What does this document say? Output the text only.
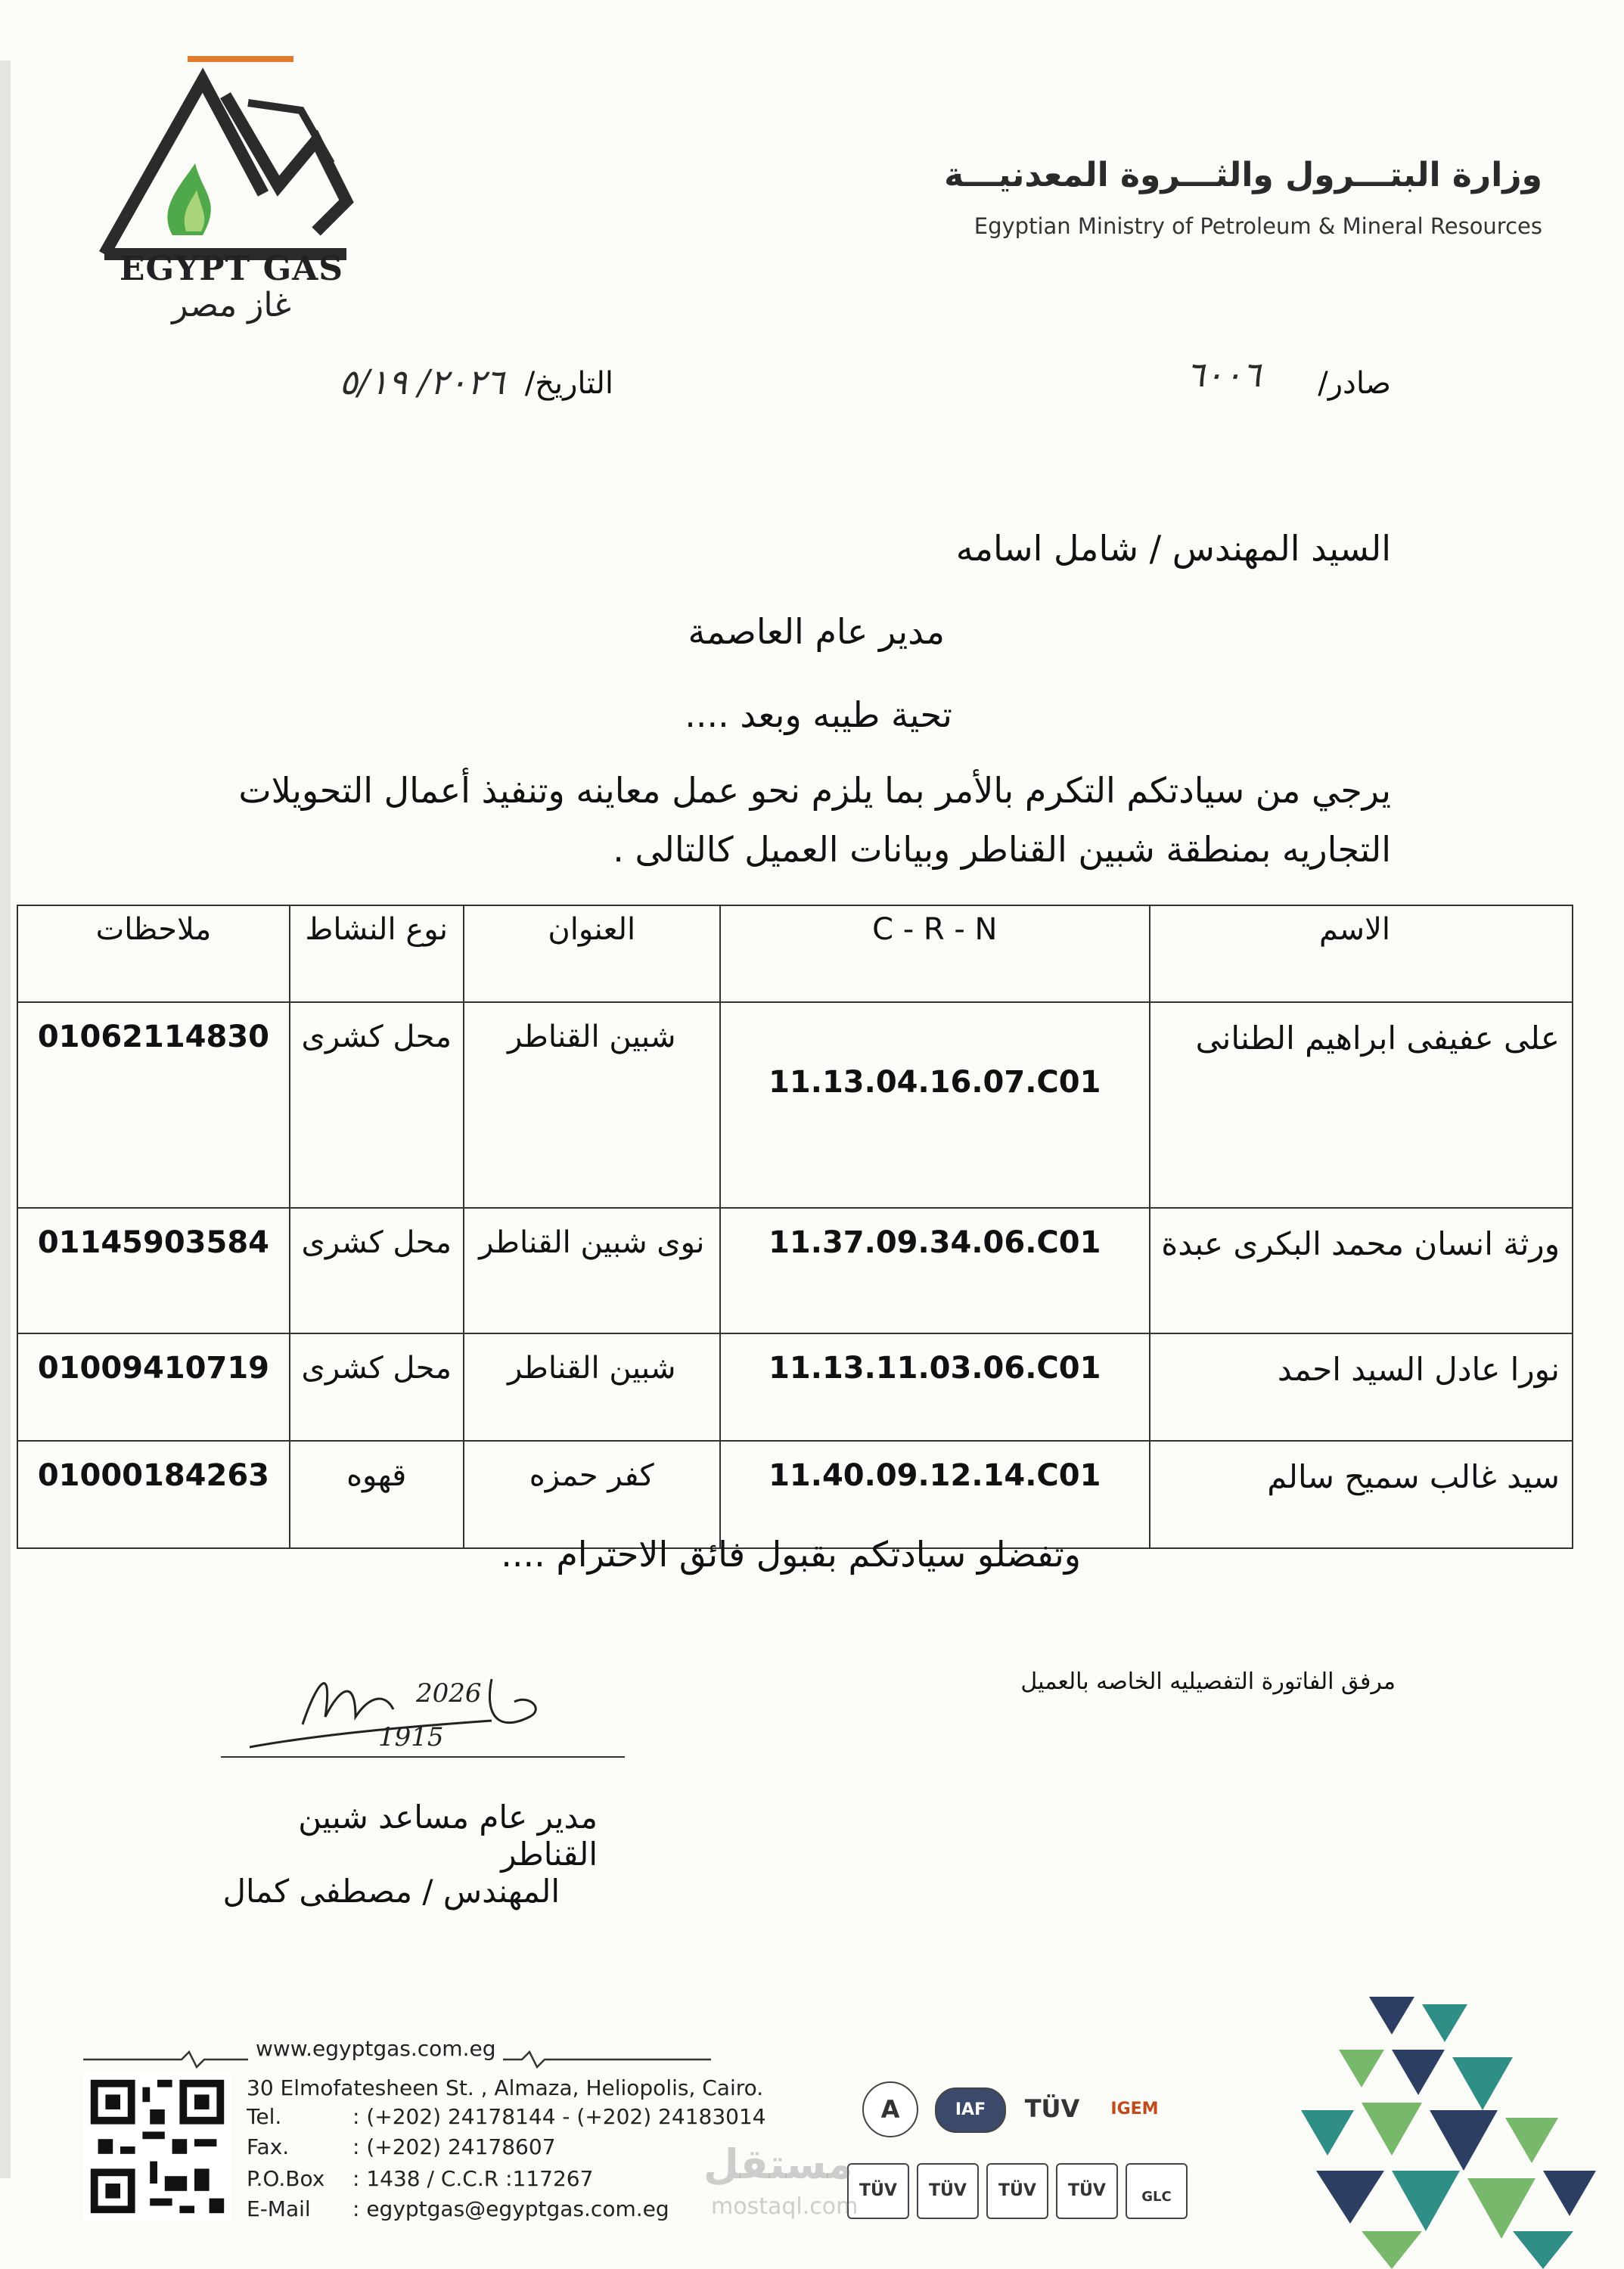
EGYPT GAS
غاز مصر
وزارة البتـــرول والثـــروة المعدنيـــة
Egyptian Ministry of Petroleum & Mineral Resources
صادر/
٦٠٠٦
التاريخ/
٢٠٢٦/ ٥/١٩
السيد المهندس / شامل اسامه
مدير عام العاصمة
تحية طيبه وبعد ....
يرجي من سيادتكم التكرم بالأمر بما يلزم نحو عمل معاينه وتنفيذ أعمال التحويلات
التجاريه بمنطقة شبين القناطر وبيانات العميل كالتالى .
ملاحظات	نوع النشاط	العنوان	C - R - N	الاسم
01062114830	محل كشرى	شبين القناطر	11.13.04.16.07.C01	على عفيفى ابراهيم الطنانى
01145903584	محل كشرى	نوى شبين القناطر	11.37.09.34.06.C01	ورثة انسان محمد البكرى عبدة
01009410719	محل كشرى	شبين القناطر	11.13.11.03.06.C01	نورا عادل السيد احمد
01000184263	قهوه	كفر حمزه	11.40.09.12.14.C01	سيد غالب سميح سالم
وتفضلو سيادتكم بقبول فائق الاحترام ....
مرفق الفاتورة التفصيليه الخاصه بالعميل
2026
1915
مدير عام مساعد شبين القناطر
المهندس / مصطفى كمال
www.egyptgas.com.eg
30 Elmofatesheen St. , Almaza, Heliopolis, Cairo.
Tel.	: (+202) 24178144 - (+202) 24183014
Fax.	: (+202) 24178607
P.O.Box : 1438 / C.C.R :117267
E-Mail : egyptgas@egyptgas.com.eg
A	IAF	TÜV	IGEM
TÜV	TÜV	TÜV	TÜV	GLC
مستقل
mostaql.com
